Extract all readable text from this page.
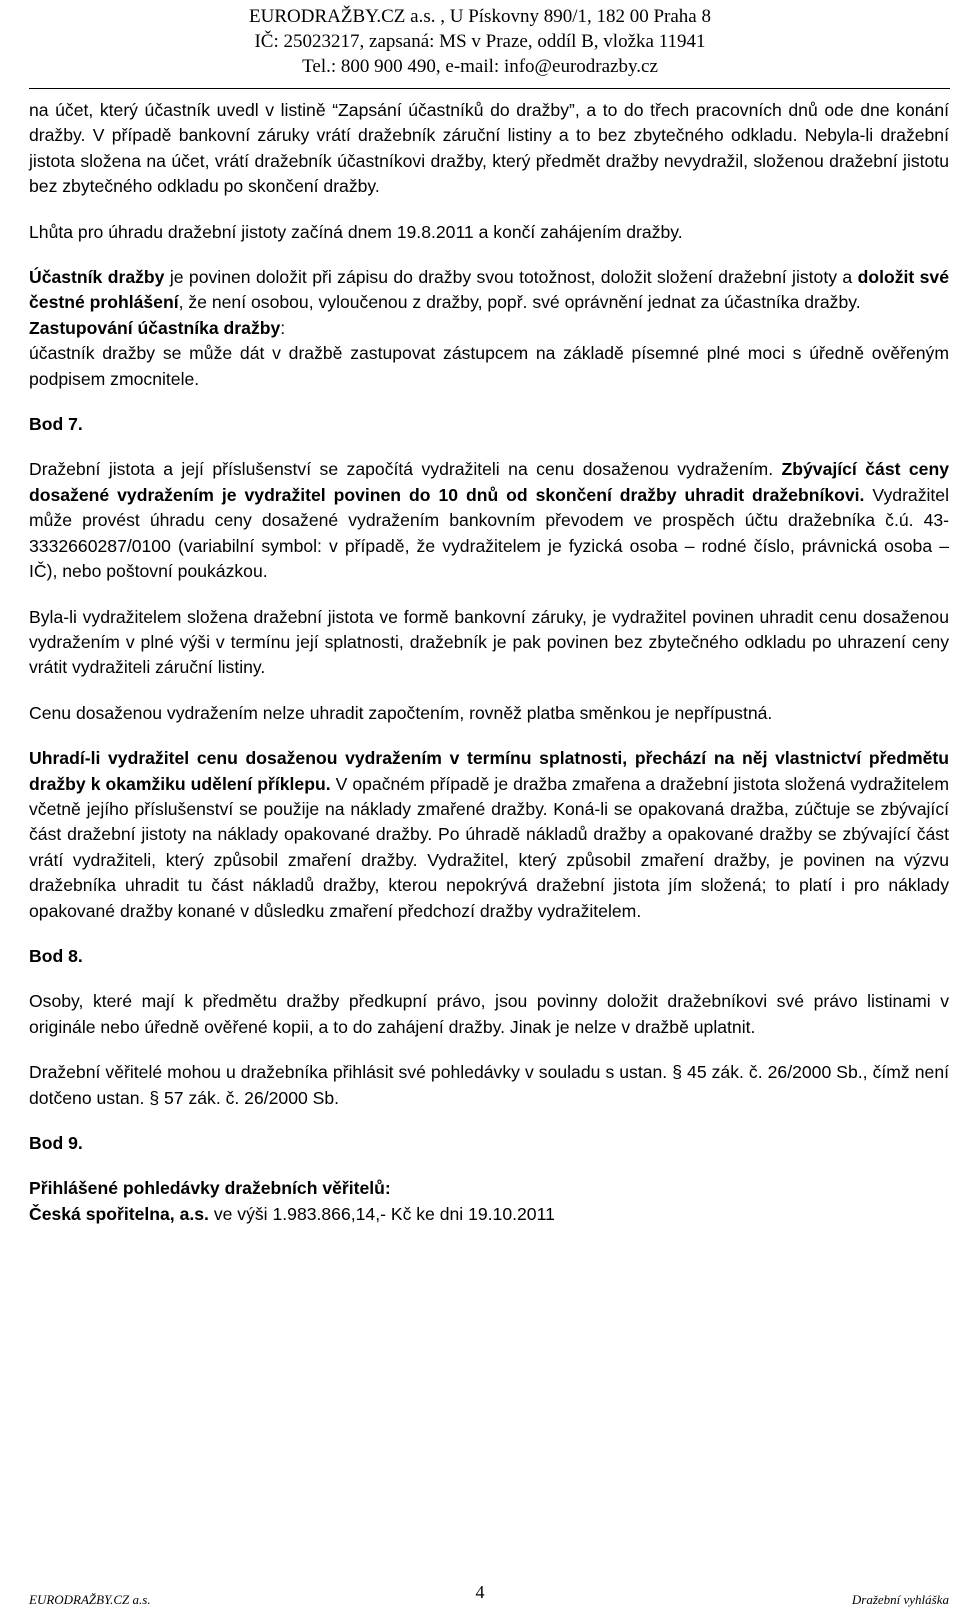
EURODRAŽBY.CZ a.s. , U Pískovny 890/1, 182 00 Praha 8
IČ: 25023217, zapsaná: MS v Praze, oddíl B, vložka 11941
Tel.: 800 900 490, e-mail: info@eurodrazby.cz

na účet, který účastník uvedl v listině “Zapsání účastníků do dražby”, a to do třech pracovních dnů ode dne konání dražby. V případě bankovní záruky vrátí dražebník záruční listiny a to bez zbytečného odkladu. Nebyla-li dražební jistota složena na účet, vrátí dražebník účastníkovi dražby, který předmět dražby nevydražil, složenou dražební jistotu bez zbytečného odkladu po skončení dražby.

Lhůta pro úhradu dražební jistoty začíná dnem 19.8.2011 a končí zahájením dražby.

Účastník dražby je povinen doložit při zápisu do dražby svou totožnost, doložit složení dražební jistoty a doložit své čestné prohlášení, že není osobou, vyloučenou z dražby, popř. své oprávnění jednat za účastníka dražby.

Zastupování účastníka dražby:

účastník dražby se může dát v dražbě zastupovat zástupcem na základě písemné plné moci s úředně ověřeným podpisem zmocnitele.

Bod 7.

Dražební jistota a její příslušenství se započítá vydražiteli na cenu dosaženou vydražením. Zbývající část ceny dosažené vydražením je vydražitel povinen do 10 dnů od skončení dražby uhradit dražebníkovi. Vydražitel může provést úhradu ceny dosažené vydražením bankovním převodem ve prospěch účtu dražebníka č.ú. 43-3332660287/0100 (variabilní symbol: v případě, že vydražitelem je fyzická osoba – rodné číslo, právnická osoba – IČ), nebo poštovní poukázkou.

Byla-li vydražitelem složena dražební jistota ve formě bankovní záruky, je vydražitel povinen uhradit cenu dosaženou vydražením v plné výši v termínu její splatnosti, dražebník je pak povinen bez zbytečného odkladu po uhrazení ceny vrátit vydražiteli záruční listiny.

Cenu dosaženou vydražením nelze uhradit započtením, rovněž platba směnkou je nepřípustná.

Uhradí-li vydražitel cenu dosaženou vydražením v termínu splatnosti, přechází na něj vlastnictví předmětu dražby k okamžiku udělení příklepu. V opačném případě je dražba zmařena a dražební jistota složená vydražitelem včetně jejího příslušenství se použije na náklady zmařené dražby. Koná-li se opakovaná dražba, zúčtuje se zbývající část dražební jistoty na náklady opakované dražby. Po úhradě nákladů dražby a opakované dražby se zbývající část vrátí vydražiteli, který způsobil zmaření dražby. Vydražitel, který způsobil zmaření dražby, je povinen na výzvu dražebníka uhradit tu část nákladů dražby, kterou nepokrývá dražební jistota jím složená; to platí i pro náklady opakované dražby konané v důsledku zmaření předchozí dražby vydražitelem.

Bod 8.

Osoby, které mají k předmětu dražby předkupní právo, jsou povinny doložit dražebníkovi své právo listinami v originále nebo úředně ověřené kopii, a to do zahájení dražby. Jinak je nelze v dražbě uplatnit.

Dražební věřitelé mohou u dražebníka přihlásit své pohledávky v souladu s ustan. § 45 zák. č. 26/2000 Sb., čímž není dotčeno ustan. § 57 zák. č. 26/2000 Sb.

Bod 9.

Přihlášené pohledávky dražebních věřitelů:

Česká spořitelna, a.s. ve výši 1.983.866,14,- Kč ke dni 19.10.2011

EURODRAŽBY.CZ a.s.	4	Dražební vyhláška
